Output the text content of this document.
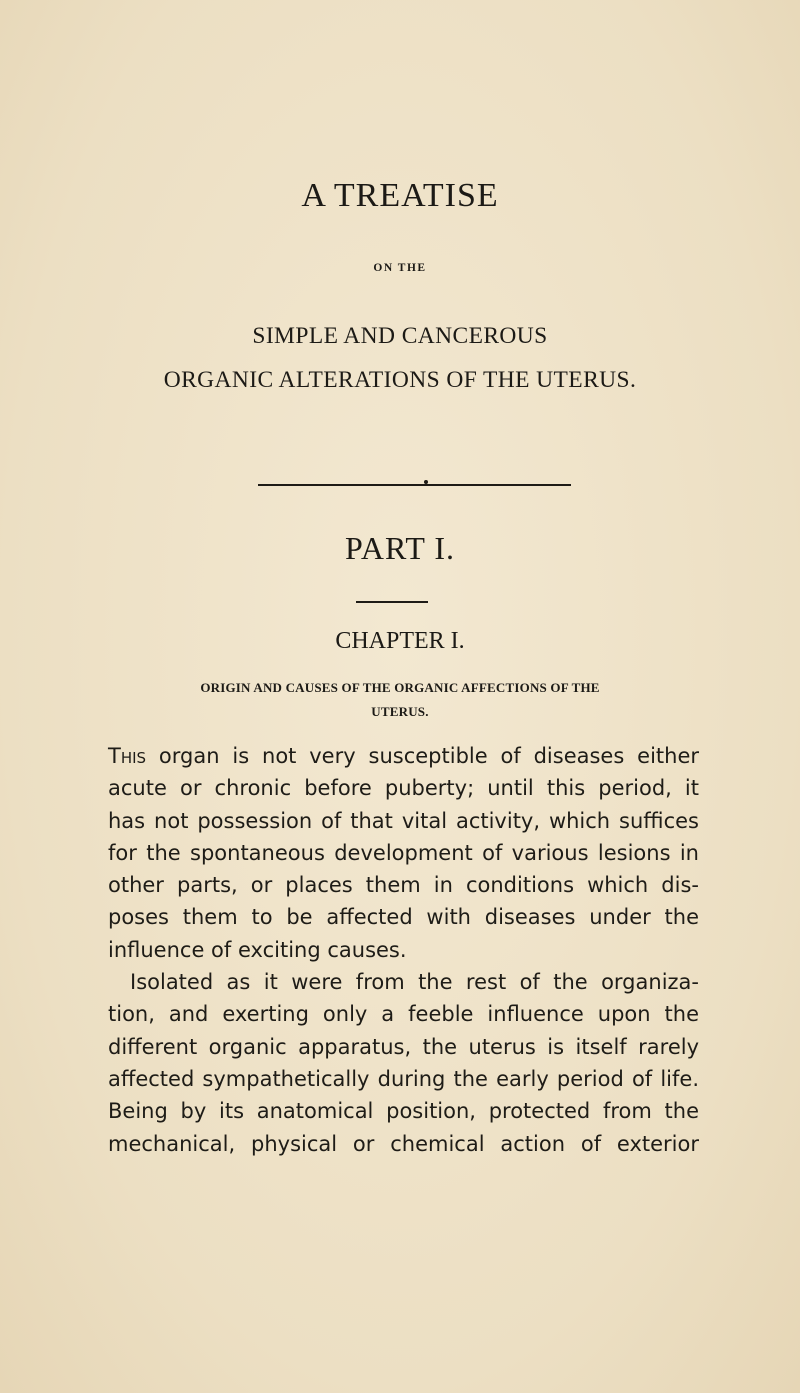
A TREATISE
ON THE
SIMPLE AND CANCEROUS
ORGANIC ALTERATIONS OF THE UTERUS.
PART I.
CHAPTER I.
ORIGIN AND CAUSES OF THE ORGANIC AFFECTIONS OF THE
UTERUS.
This organ is not very susceptible of diseases either
acute or chronic before puberty; until this period, it
has not possession of that vital activity, which suffices
for the spontaneous development of various lesions in
other parts, or places them in conditions which dis-
poses them to be affected with diseases under the
influence of exciting causes.
Isolated as it were from the rest of the organiza-
tion, and exerting only a feeble influence upon the
different organic apparatus, the uterus is itself rarely
affected sympathetically during the early period of life.
Being by its anatomical position, protected from the
mechanical, physical or chemical action of exterior
